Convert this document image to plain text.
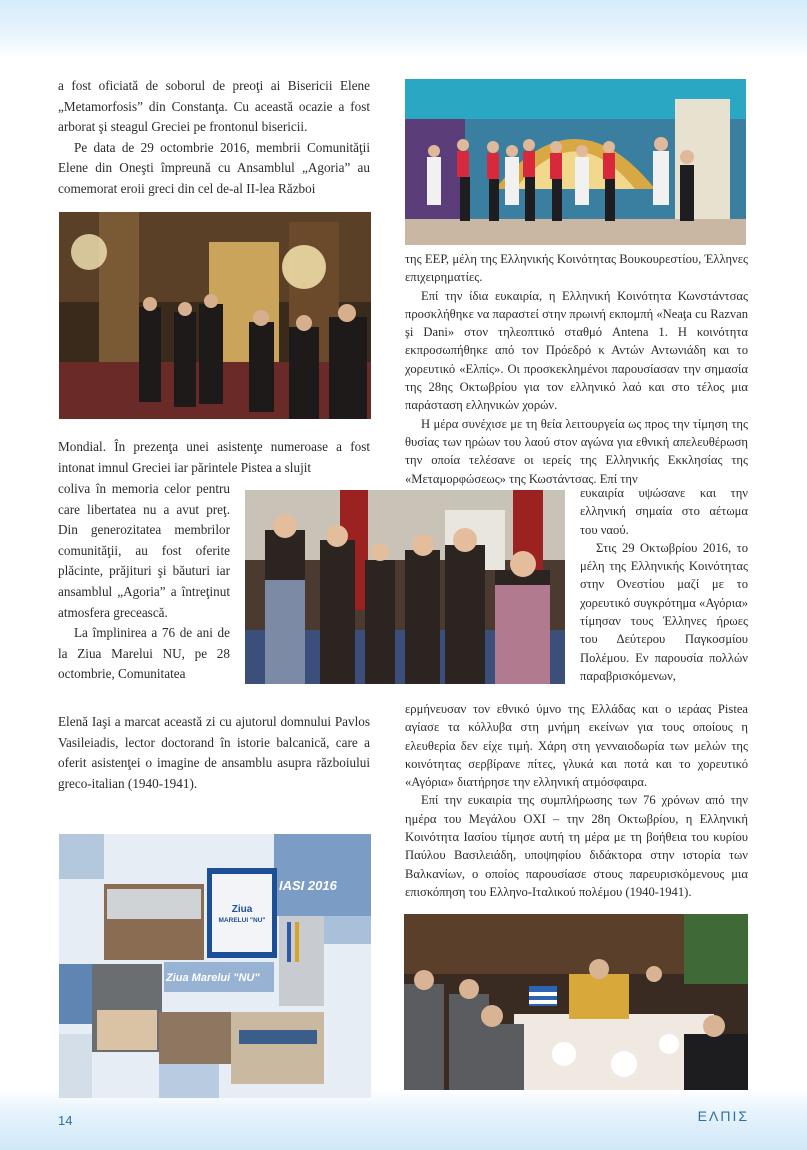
a fost oficiată de soborul de preoţi ai Bisericii Elene „Metamorfosis” din Constanţa. Cu această ocazie a fost arborat şi steagul Greciei pe frontonul bisericii.

Pe data de 29 octombrie 2016, membrii Comunităţii Elene din Oneşti împreună cu Ansamblul „Agoria” au comemorat eroii greci din cel de-al II-lea Război

Mondial. În prezenţa unei asistenţe numeroase a fost intonat imnul Greciei iar părintele Pistea a slujit

coliva în memoria celor pentru care libertatea nu a avut preţ. Din generozitatea membrilor comunităţii, au fost oferite plăcinte, prăjituri şi băuturi iar ansamblul „Agoria” a întreţinut atmosfera grecească.

La împlinirea a 76 de ani de la Ziua Marelui NU, pe 28 octombrie, Comunitatea

Elenă Iaşi a marcat această zi cu ajutorul domnului Pavlos Vasileiadis, lector doctorand în istorie balcanică, care a oferit asistenţei o imagine de ansamblu asupra războiului greco-italian (1940-1941).

IASI 2016
Ziua Marelui "NU"
Ziua
MARELUI "NU"

της ΕΕΡ, μέλη της Ελληνικής Κοινότητας Βουκουρεστίου, Έλληνες επιχειρηματίες.

Επί την ίδια ευκαιρία, η Ελληνική Κοινότητα Κωνστάντσας προσκλήθηκε να παραστεί στην πρωινή εκπομπή «Neaţa cu Razvan şi Dani» στον τηλεοπτικό σταθμό Antena 1. Η κοινότητα εκπροσωπήθηκε από τον Πρόεδρό κ Αντών Αντωνιάδη και το χορευτικό «Ελπίς». Οι προσκεκλημένοι παρουσίασαν την σημασία της 28ης Οκτωβρίου για τον ελληνικό λαό και στο τέλος μια παράσταση ελληνικών χορών.

Η μέρα συνέχισε με τη θεία λειτουργεία ως προς την τίμηση της θυσίας των ηρώων του λαού στον αγώνα για εθνική απελευθέρωση την οποία τελέσανε οι ιερείς της Ελληνικής Εκκλησίας της «Μεταμορφώσεως» της Κωστάντσας. Επί την

ευκαιρία υψώσανε και την ελληνική σημαία στο αέτωμα του ναού.

Στις 29 Οκτωβρίου 2016, το μέλη της Ελληνικής Κοινότητας στην Ονεστίου μαζί με το χορευτικό συγκρότημα «Αγόρια» τίμησαν τους Έλληνες ήρωες του Δεύτερου Παγκοσμίου Πολέμου. Εν παρουσία πολλών παραβρισκόμενων,

ερμήνευσαν τον εθνικό ύμνο της Ελλάδας και ο ιεράας Pistea αγίασε τα κόλλυβα στη μνήμη εκείνων για τους οποίους η ελευθερία δεν είχε τιμή. Χάρη στη γενναιοδωρία των μελών της κοινότητας σερβίρανε πίτες, γλυκά και ποτά και το χορευτικό «Αγόρια» διατήρησε την ελληνική ατμόσφαιρα.

Επί την ευκαιρία της συμπλήρωσης των 76 χρόνων από την ημέρα του Μεγάλου ΟΧΙ – την 28η Οκτωβρίου, η Ελληνική Κοινότητα Ιασίου τίμησε αυτή τη μέρα με τη βοήθεια του κυρίου Παύλου Βασιλειάδη, υποψηφίου διδάκτορα στην ιστορία των Βαλκανίων, ο οποίος παρουσίασε στους παρευρισκόμενους μια επισκόπηση του Ελληνο-Ιταλικού πολέμου (1940-1941).

14	ΕΛΠΙΣ
